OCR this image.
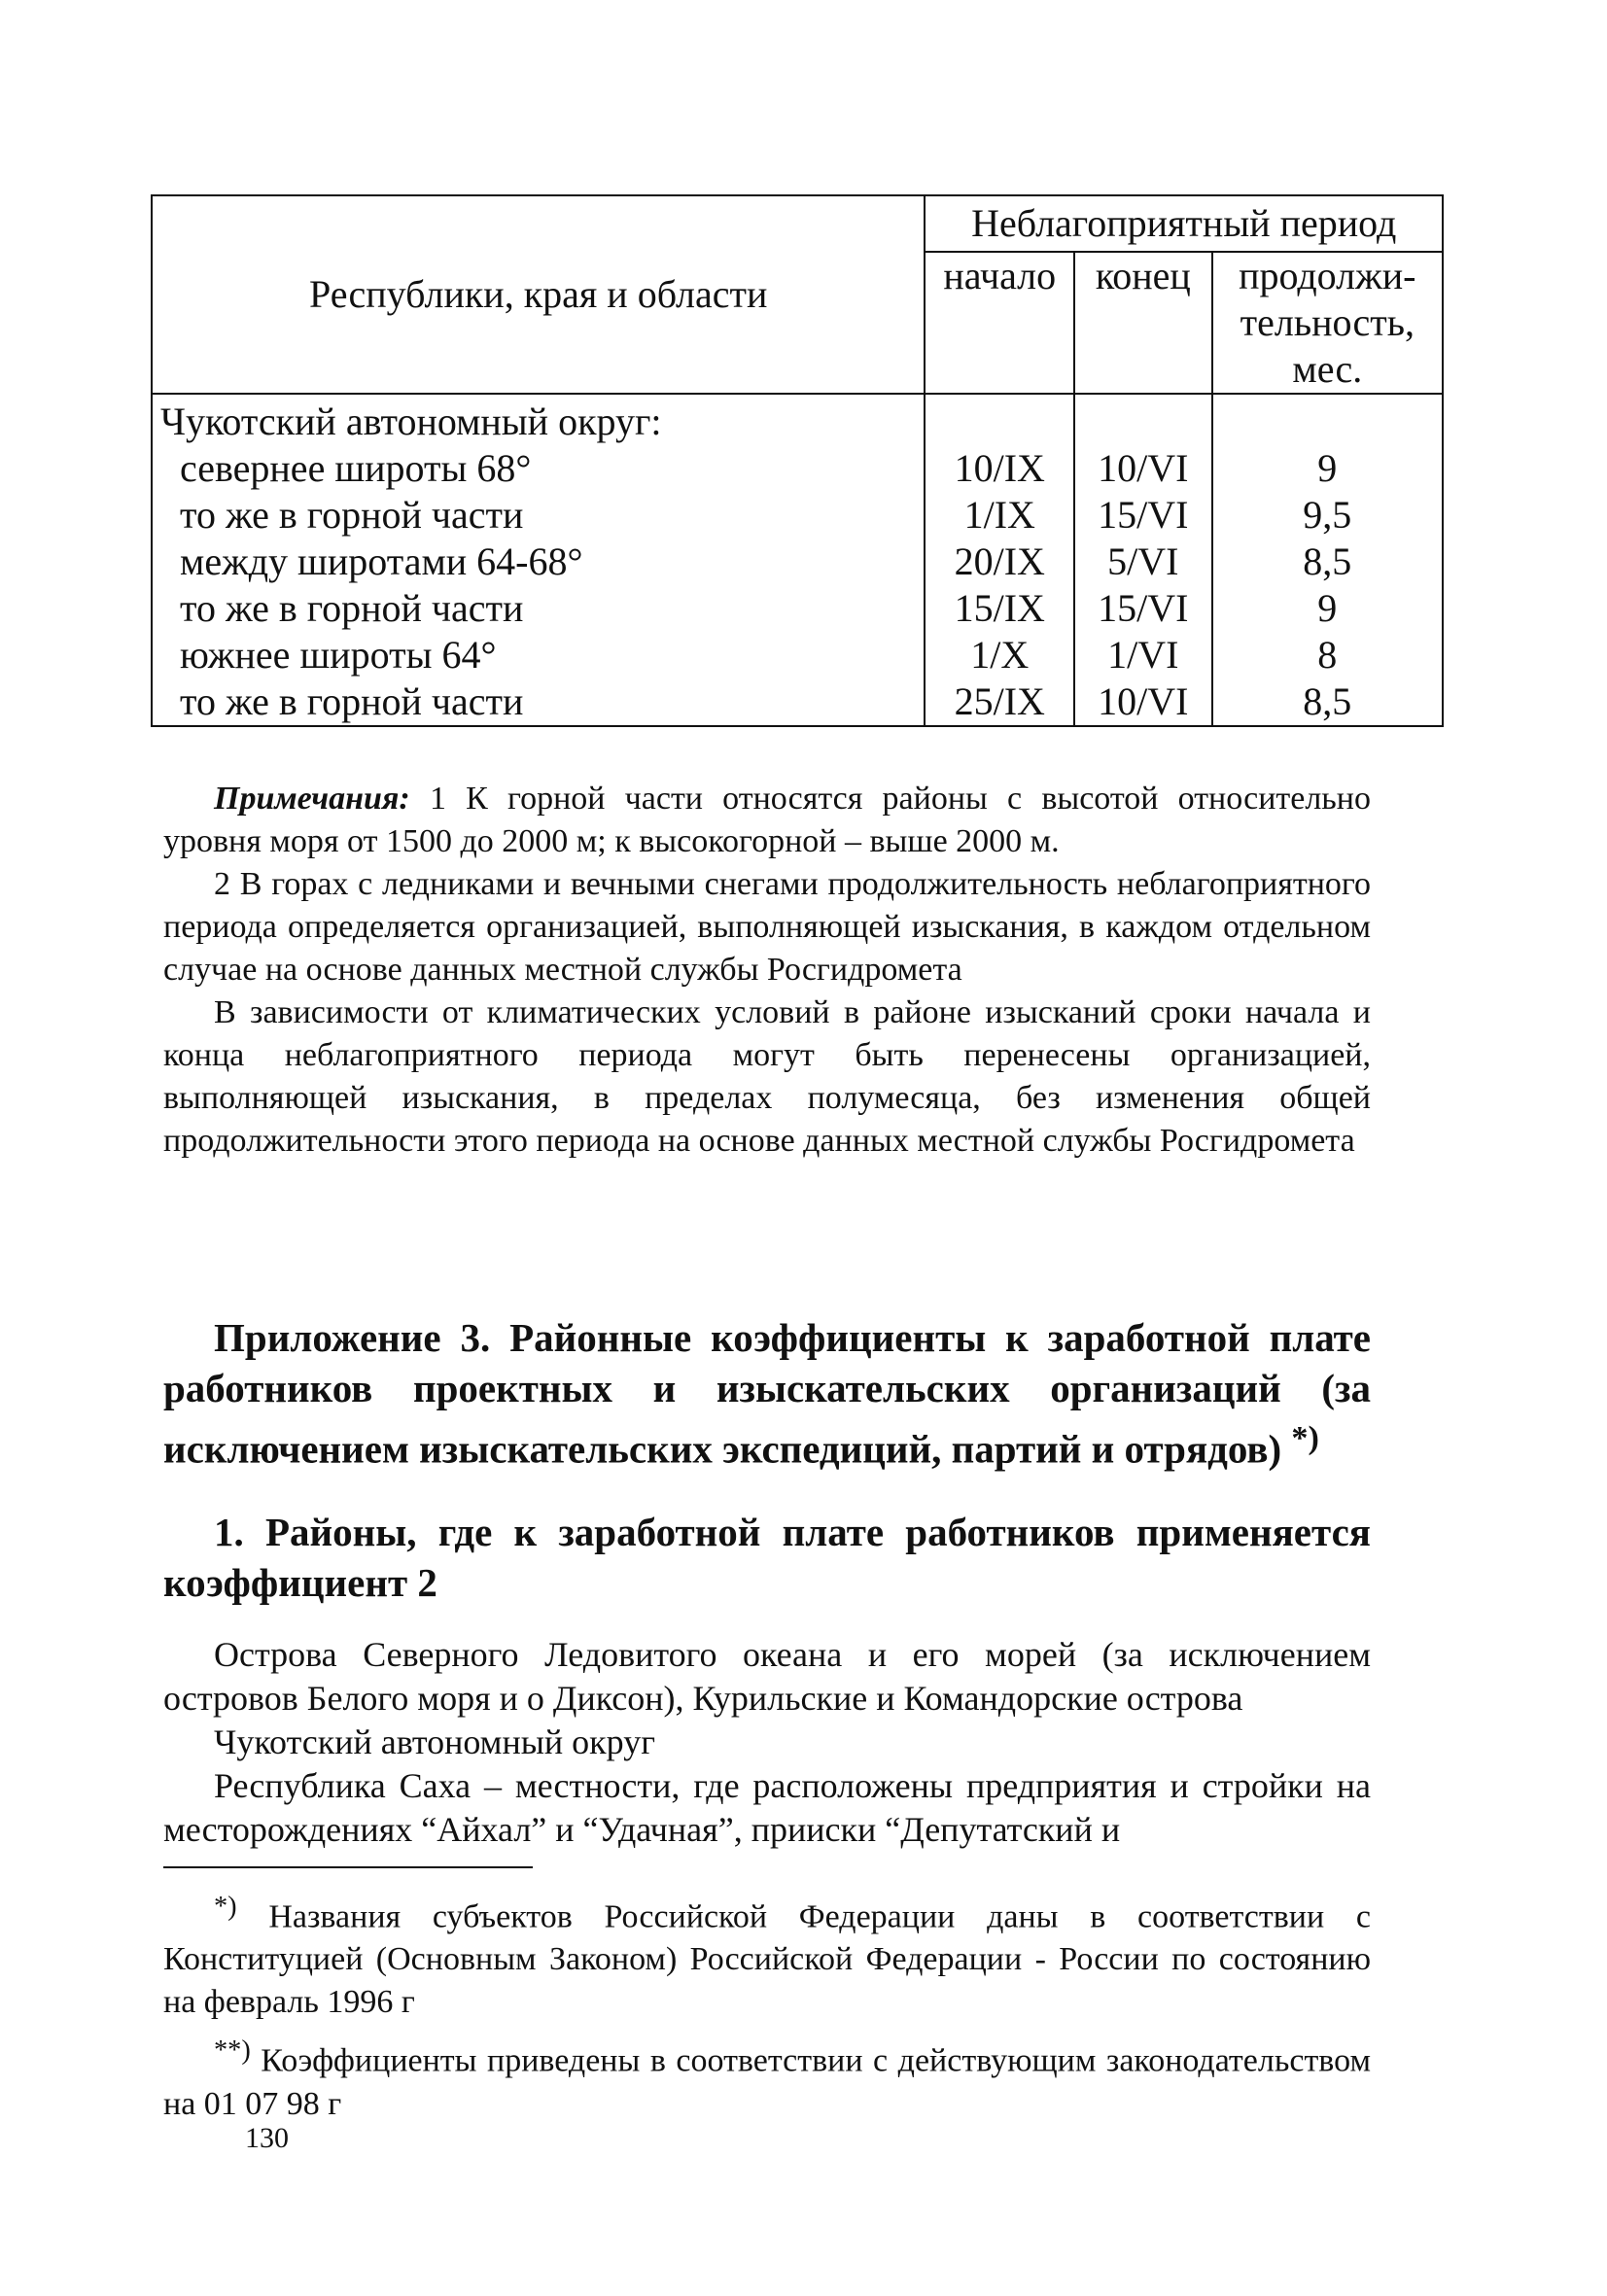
Республики, края и области	Неблагоприятный период		
	начало	конец	продолжи-тельность, мес.
Чукотский автономный округ:			
севернее широты 68°	10/IX	10/VI	9
то же в горной части	1/IX	15/VI	9,5
между широтами 64-68°	20/IX	5/VI	8,5
то же в горной части	15/IX	15/VI	9
южнее широты 64°	1/X	1/VI	8
то же в горной части	25/IX	10/VI	8,5

Примечания: 1 К горной части относятся районы с высотой относительно уровня моря от 1500 до 2000 м; к высокогорной – выше 2000 м.

2 В горах с ледниками и вечными снегами продолжительность неблагоприятного периода определяется организацией, выполняющей изыскания, в каждом отдельном случае на основе данных местной службы Росгидромета

В зависимости от климатических условий в районе изысканий сроки начала и конца неблагоприятного периода могут быть перенесены организацией, выполняющей изыскания, в пределах полумесяца, без изменения общей продолжительности этого периода на основе данных местной службы Росгидромета

Приложение 3. Районные коэффициенты к заработной плате работников проектных и изыскательских организаций (за исключением изыскательских экспедиций, партий и отрядов) *)
1. Районы, где к заработной плате работников применяется коэффициент 2

Острова Северного Ледовитого океана и его морей (за исключением островов Белого моря и о Диксон), Курильские и Командорские острова

Чукотский автономный округ

Республика Саха – местности, где расположены предприятия и стройки на месторождениях “Айхал” и “Удачная”, прииски “Депутатский и

*) Названия субъектов Российской Федерации даны в соответствии с Конституцией (Основным Законом) Российской Федерации - России по состоянию на февраль 1996 г

**) Коэффициенты приведены в соответствии с действующим законодательством на 01 07 98 г

130
